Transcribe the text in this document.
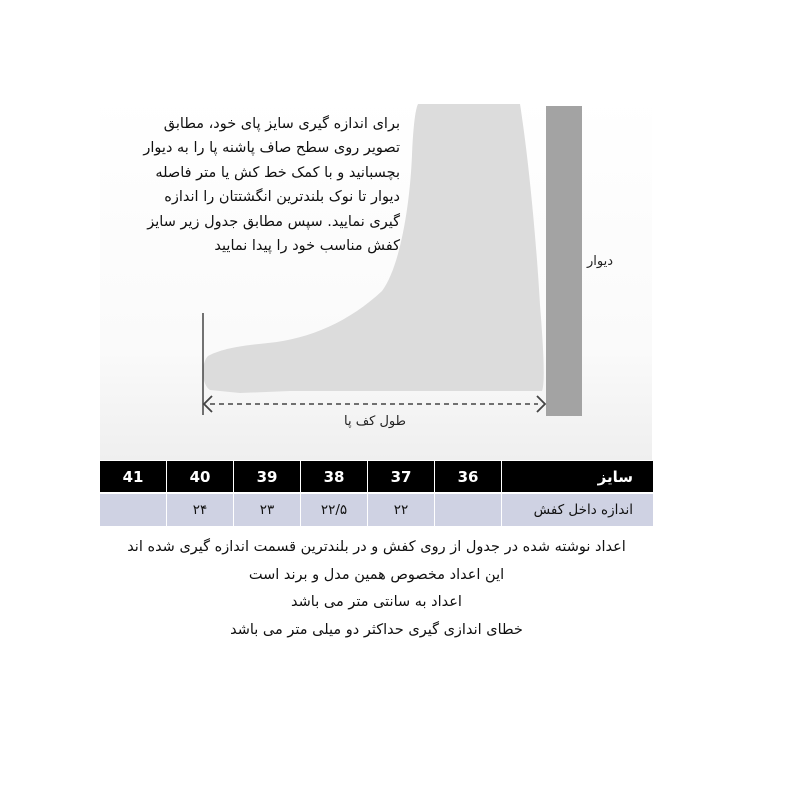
برای اندازه گیری سایز پای خود، مطابق
تصویر روی سطح صاف پاشنه پا را به دیوار
بچسبانید و با کمک خط کش یا متر فاصله
دیوار تا نوک بلندترین انگشتتان را اندازه
گیری نمایید. سپس مطابق جدول زیر سایز
کفش مناسب خود را پیدا نمایید
دیوار
طول کف پا
سایز	36	37	38	39	40	41
اندازه داخل کفش		۲۲	۲۲/۵	۲۳	۲۴	
اعداد نوشته شده در جدول از روی کفش و در بلندترین قسمت اندازه گیری شده اند
این اعداد مخصوص همین مدل و برند است
اعداد به سانتی متر می باشد
خطای اندازی گیری حداکثر دو میلی متر می باشد
